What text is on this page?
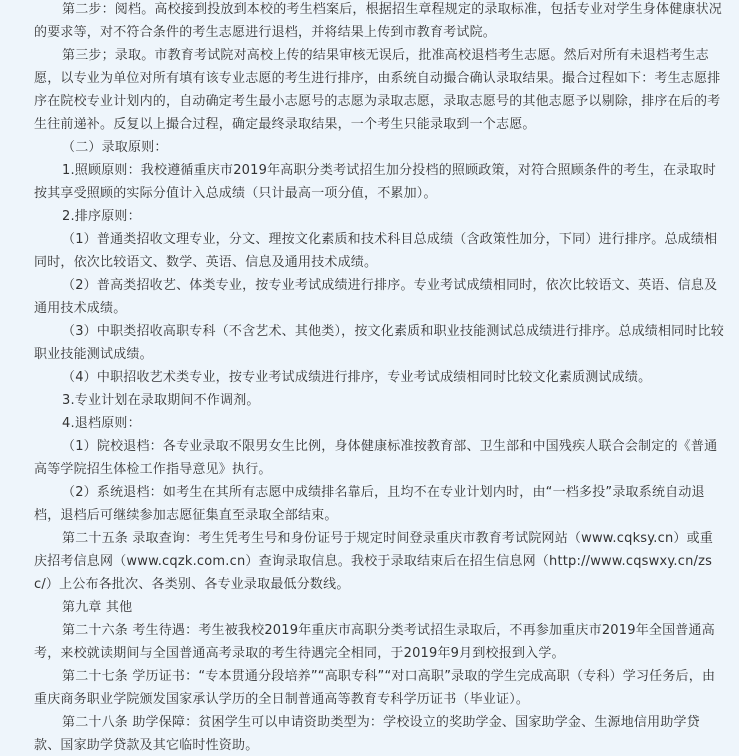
第二步：阅档。高校接到投放到本校的考生档案后，根据招生章程规定的录取标准，包括专业对学生身体健康状况的要求等，对不符合条件的考生志愿进行退档，并将结果上传到市教育考试院。

第三步；录取。市教育考试院对高校上传的结果审核无误后，批准高校退档考生志愿。然后对所有未退档考生志愿，以专业为单位对所有填有该专业志愿的考生进行排序，由系统自动撮合确认录取结果。撮合过程如下：考生志愿排序在院校专业计划内的，自动确定考生最小志愿号的志愿为录取志愿，录取志愿号的其他志愿予以剔除，排序在后的考生往前递补。反复以上撮合过程，确定最终录取结果，一个考生只能录取到一个志愿。

（二）录取原则：

1.照顾原则：我校遵循重庆市2019年高职分类考试招生加分投档的照顾政策，对符合照顾条件的考生，在录取时按其享受照顾的实际分值计入总成绩（只计最高一项分值，不累加）。

2.排序原则：

（1）普通类招收文理专业，分文、理按文化素质和技术科目总成绩（含政策性加分，下同）进行排序。总成绩相同时，依次比较语文、数学、英语、信息及通用技术成绩。

（2）普高类招收艺、体类专业，按专业考试成绩进行排序。专业考试成绩相同时，依次比较语文、英语、信息及通用技术成绩。

（3）中职类招收高职专科（不含艺术、其他类），按文化素质和职业技能测试总成绩进行排序。总成绩相同时比较职业技能测试成绩。

（4）中职招收艺术类专业，按专业考试成绩进行排序，专业考试成绩相同时比较文化素质测试成绩。

3.专业计划在录取期间不作调剂。

4.退档原则：

（1）院校退档：各专业录取不限男女生比例，身体健康标准按教育部、卫生部和中国残疾人联合会制定的《普通高等学院招生体检工作指导意见》执行。

（2）系统退档：如考生在其所有志愿中成绩排名靠后，且均不在专业计划内时，由“一档多投”录取系统自动退档，退档后可继续参加志愿征集直至录取全部结束。

第二十五条 录取查询：考生凭考生号和身份证号于规定时间登录重庆市教育考试院网站（www.cqksy.cn）或重庆招考信息网（www.cqzk.com.cn）查询录取信息。我校于录取结束后在招生信息网（http://www.cqswxy.cn/zsc/）上公布各批次、各类别、各专业录取最低分数线。

第九章 其他

第二十六条 考生待遇：考生被我校2019年重庆市高职分类考试招生录取后，不再参加重庆市2019年全国普通高考，来校就读期间与全国普通高考录取的考生待遇完全相同，于2019年9月到校报到入学。

第二十七条 学历证书：“专本贯通分段培养”“高职专科”“对口高职”录取的学生完成高职（专科）学习任务后，由重庆商务职业学院颁发国家承认学历的全日制普通高等教育专科学历证书（毕业证）。

第二十八条 助学保障：贫困学生可以申请资助类型为：学校设立的奖助学金、国家助学金、生源地信用助学贷款、国家助学贷款及其它临时性资助。
